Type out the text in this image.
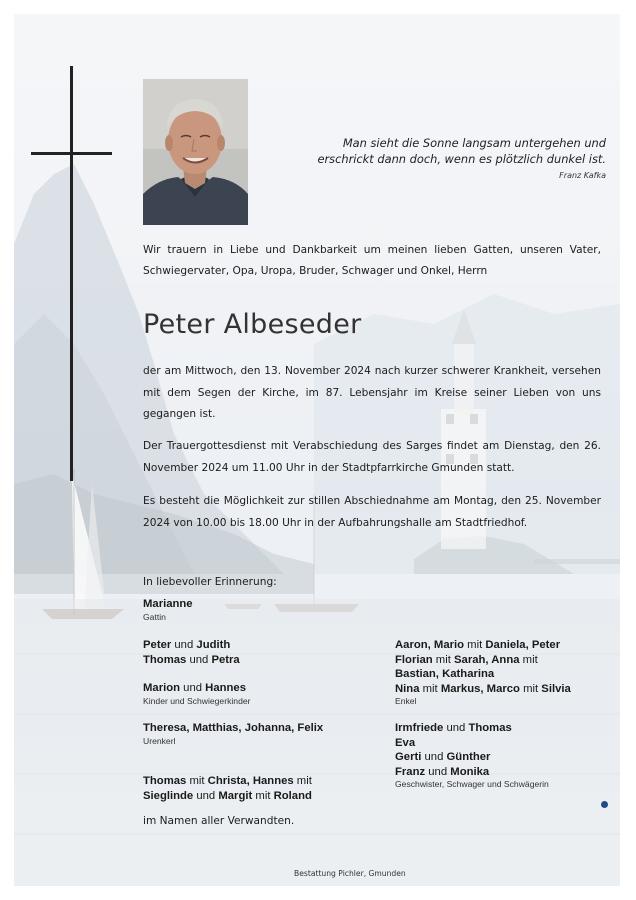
Man sieht die Sonne langsam untergehen und
erschrickt dann doch, wenn es plötzlich dunkel ist.
Franz Kafka
Wir trauern in Liebe und Dankbarkeit um meinen lieben Gatten, unseren Vater, Schwiegervater, Opa, Uropa, Bruder, Schwager und Onkel, Herrn
Peter Albeseder
der am Mittwoch, den 13. November 2024 nach kurzer schwerer Krankheit, versehen mit dem Segen der Kirche, im 87. Lebensjahr im Kreise seiner Lieben von uns gegangen ist.
Der Trauergottesdienst mit Verabschiedung des Sarges findet am Dienstag, den 26. November 2024 um 11.00 Uhr in der Stadtpfarrkirche Gmunden statt.
Es besteht die Möglichkeit zur stillen Abschiednahme am Montag, den 25. November 2024 von 10.00 bis 18.00 Uhr in der Aufbahrungshalle am Stadtfriedhof.
In liebevoller Erinnerung:
Marianne
Gattin
Peter und Judith
Thomas und Petra
Marion und Hannes
Kinder und Schwiegerkinder
Theresa, Matthias, Johanna, Felix
Urenkerl
Thomas mit Christa, Hannes mit
Sieglinde und Margit mit Roland
Aaron, Mario mit Daniela, Peter
Florian mit Sarah, Anna mit
Bastian, Katharina
Nina mit Markus, Marco mit Silvia
Enkel
Irmfriede und Thomas
Eva
Gerti und Günther
Franz und Monika
Geschwister, Schwager und Schwägerin
im Namen aller Verwandten.
Bestattung Pichler, Gmunden
